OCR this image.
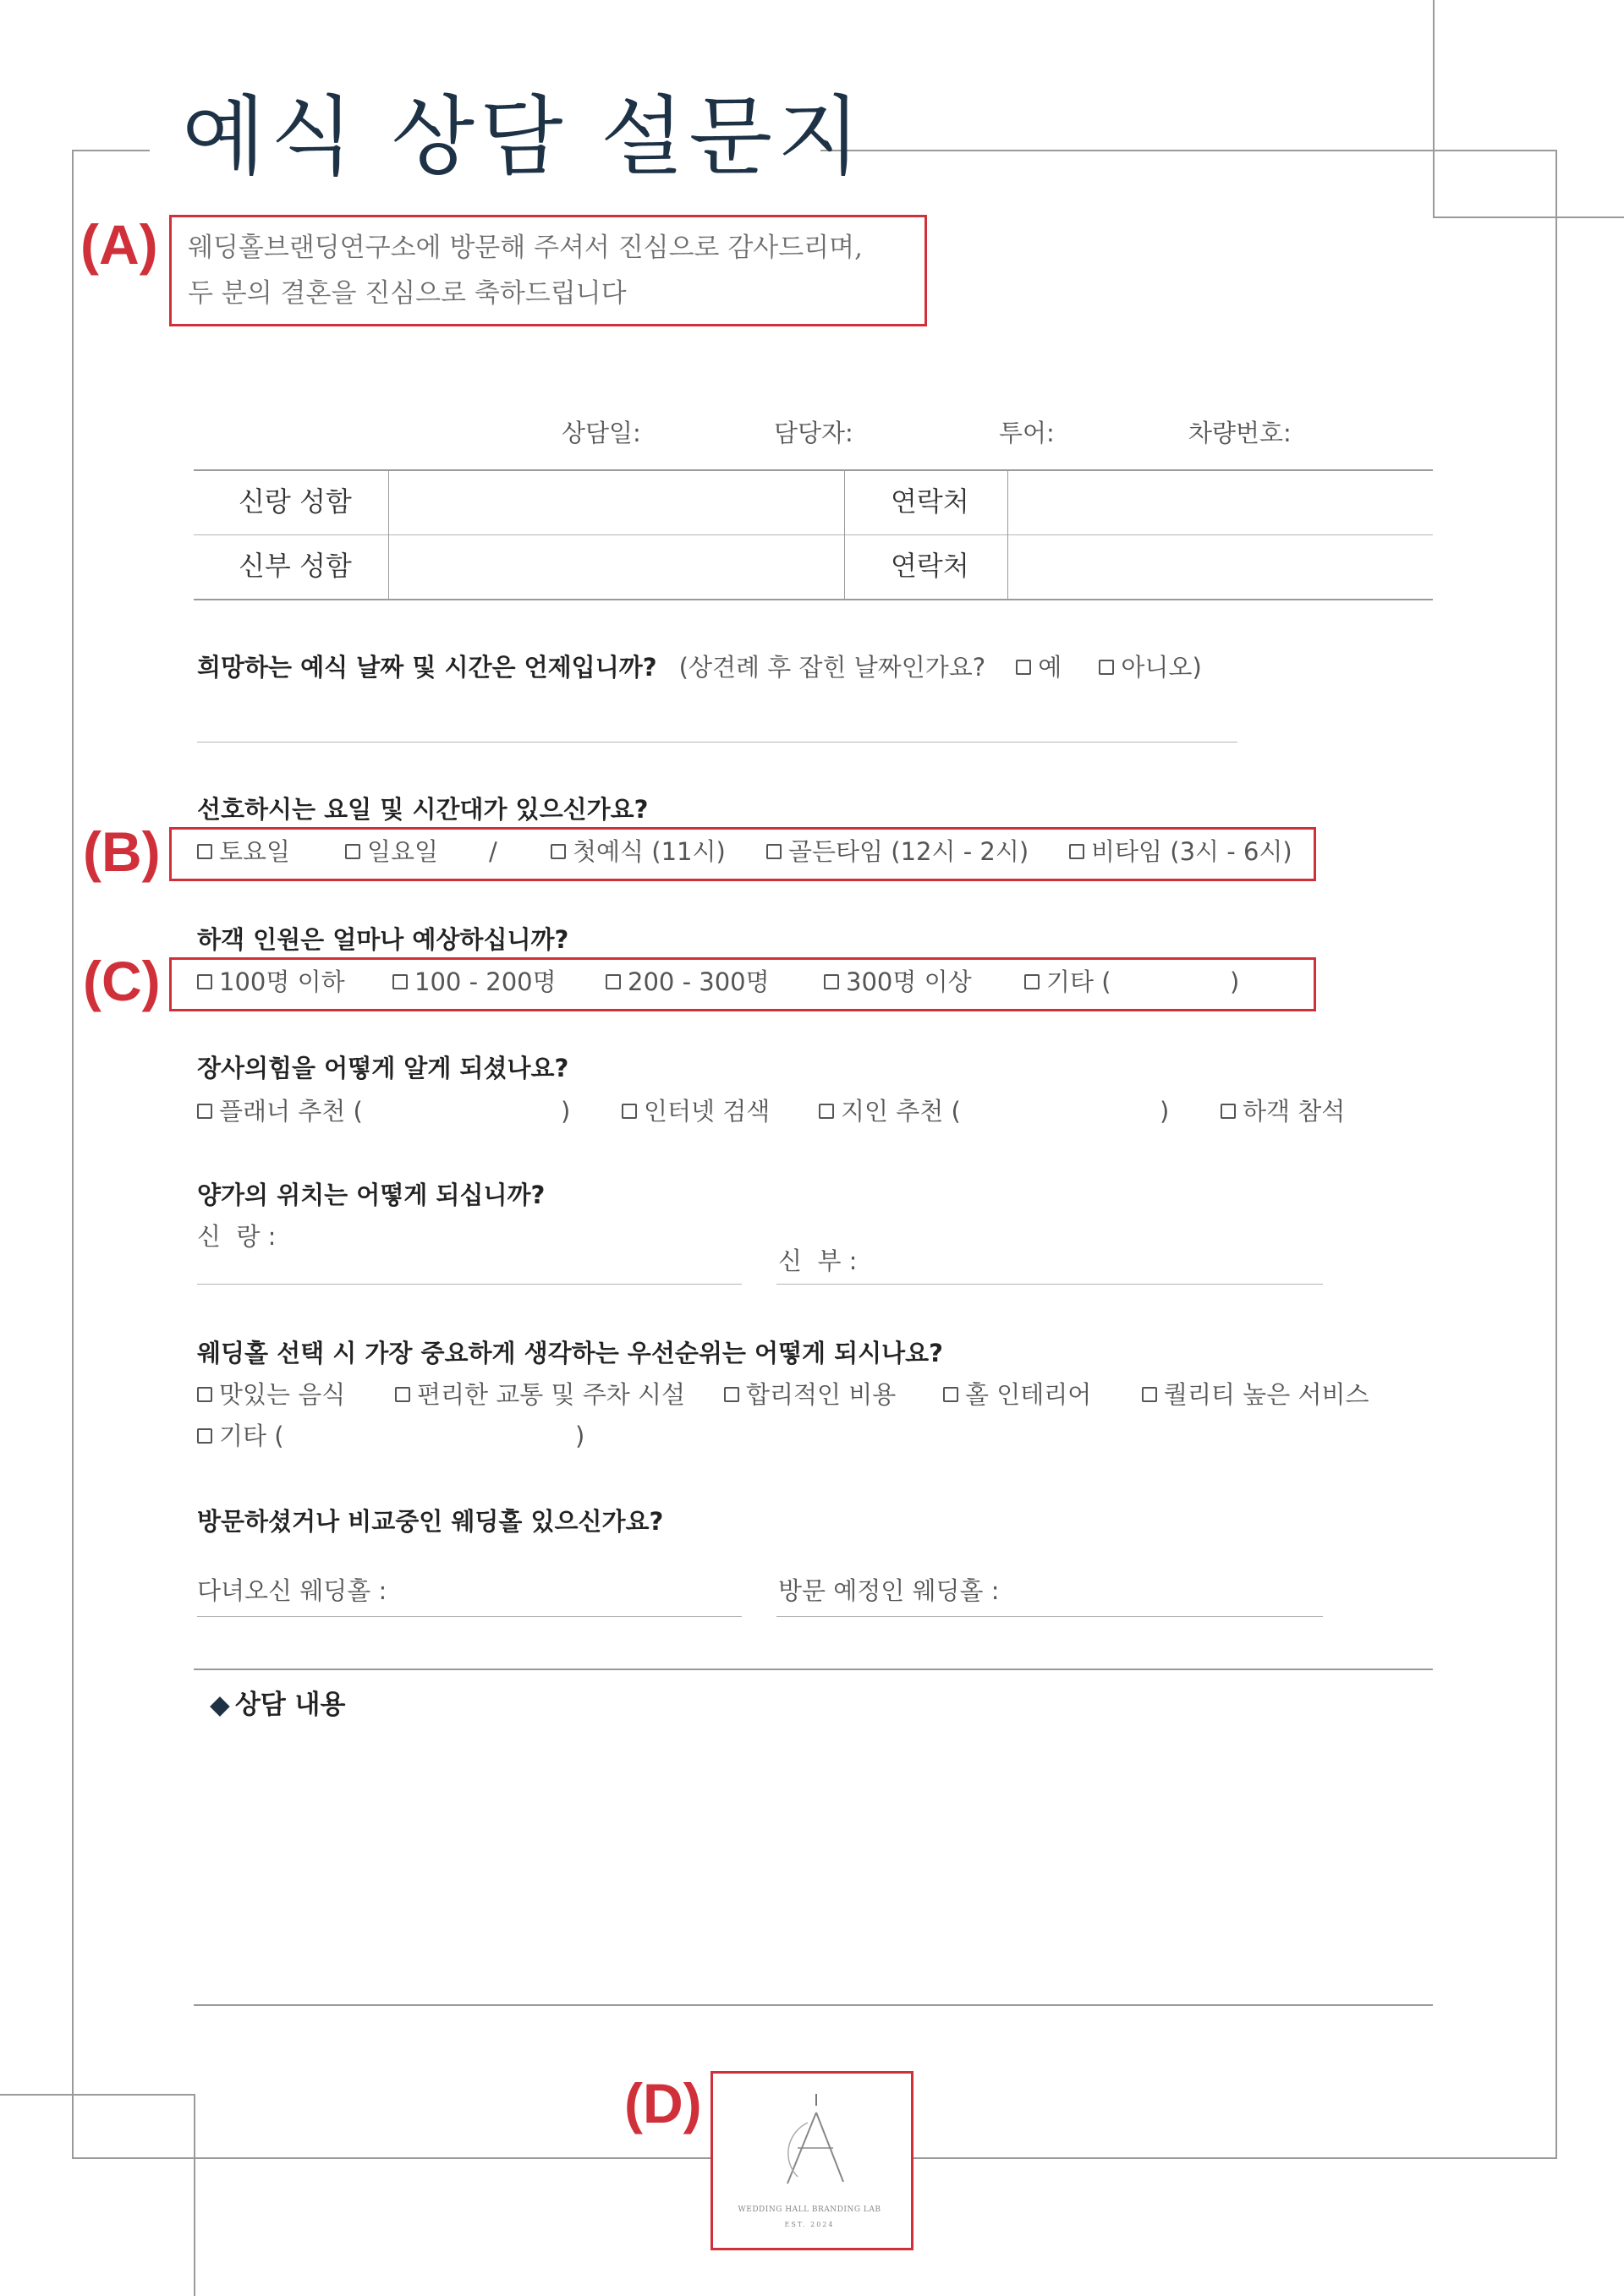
예식 상담 설문지
(A) 웨딩홀브랜딩연구소에 방문해 주셔서 진심으로 감사드리며,
두 분의 결혼을 진심으로 축하드립니다
상담일:	담당자:	투어:	차량번호:
신랑 성함	연락처
신부 성함	연락처
희망하는 예식 날짜 및 시간은 언제입니까? (상견례 후 잡힌 날짜인가요? 예 아니오)
선호하시는 요일 및 시간대가 있으신가요?
(B)	토요일	일요일 /	첫예식 (11시)	골든타임 (12시 - 2시)	비타임 (3시 - 6시)
하객 인원은 얼마나 예상하십니까?
(C)	100명 이하	100 - 200명	200 - 300명	300명 이상	기타 (	)
장사의힘을 어떻게 알게 되셨나요?
플래너 추천 (	)	인터넷 검색	지인 추천 (	)	하객 참석
양가의 위치는 어떻게 되십니까?
신  랑 :
신  부 :
웨딩홀 선택 시 가장 중요하게 생각하는 우선순위는 어떻게 되시나요?
맛있는 음식	편리한 교통 및 주차 시설	합리적인 비용	홀 인테리어	퀄리티 높은 서비스
기타 (	)
방문하셨거나 비교중인 웨딩홀 있으신가요?
다녀오신 웨딩홀 :	방문 예정인 웨딩홀 :
◆ 상담 내용
(D)
WEDDING HALL BRANDING LAB
EST. 2024
